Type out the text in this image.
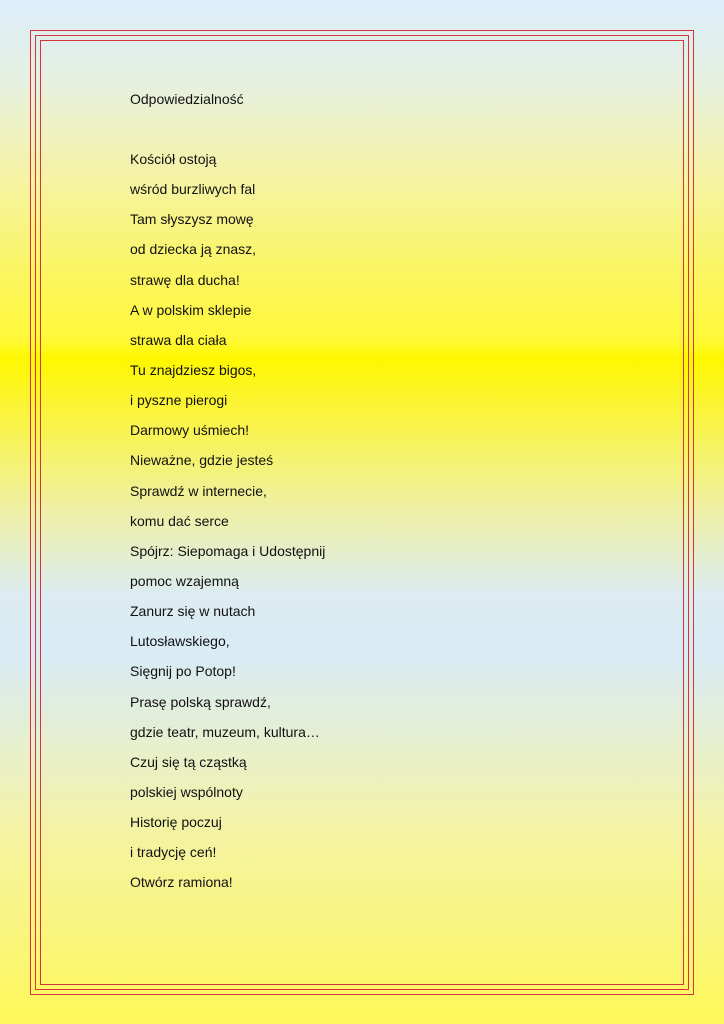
Odpowiedzialność
Kościół ostoją
wśród burzliwych fal
Tam słyszysz mowę
od dziecka ją znasz,
strawę dla ducha!
A w polskim sklepie
strawa dla ciała
Tu znajdziesz bigos,
i pyszne pierogi
Darmowy uśmiech!
Nieważne, gdzie jesteś
Sprawdź w internecie,
komu dać serce
Spójrz: Siepomaga i Udostępnij
pomoc wzajemną
Zanurz się w nutach
Lutosławskiego,
Sięgnij po Potop!
Prasę polską sprawdź,
gdzie teatr, muzeum, kultura…
Czuj się tą cząstką
polskiej wspólnoty
Historię poczuj
i tradycję ceń!
Otwórz ramiona!
